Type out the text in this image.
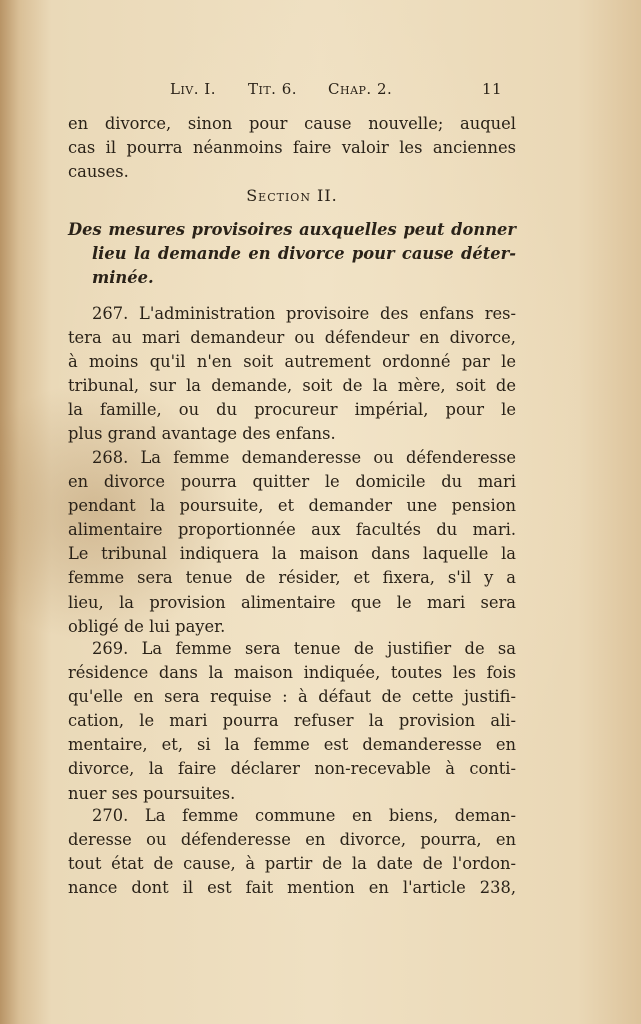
Liv. I. Tit. 6. Chap. 2.	11
en divorce, sinon pour cause nouvelle; auquel
cas il pourra néanmoins faire valoir les anciennes
causes.
Section II.
Des mesures provisoires auxquelles peut donner
lieu la demande en divorce pour cause déter-
minée.
267. L'administration provisoire des enfans res-
tera au mari demandeur ou défendeur en divorce,
à moins qu'il n'en soit autrement ordonné par le
tribunal, sur la demande, soit de la mère, soit de
la famille, ou du procureur impérial, pour le
plus grand avantage des enfans.
268. La femme demanderesse ou défenderesse
en divorce pourra quitter le domicile du mari
pendant la poursuite, et demander une pension
alimentaire proportionnée aux facultés du mari.
Le tribunal indiquera la maison dans laquelle la
femme sera tenue de résider, et fixera, s'il y a
lieu, la provision alimentaire que le mari sera
obligé de lui payer.
269. La femme sera tenue de justifier de sa
résidence dans la maison indiquée, toutes les fois
qu'elle en sera requise : à défaut de cette justifi-
cation, le mari pourra refuser la provision ali-
mentaire, et, si la femme est demanderesse en
divorce, la faire déclarer non-recevable à conti-
nuer ses poursuites.
270. La femme commune en biens, deman-
deresse ou défenderesse en divorce, pourra, en
tout état de cause, à partir de la date de l'ordon-
nance dont il est fait mention en l'article 238,
